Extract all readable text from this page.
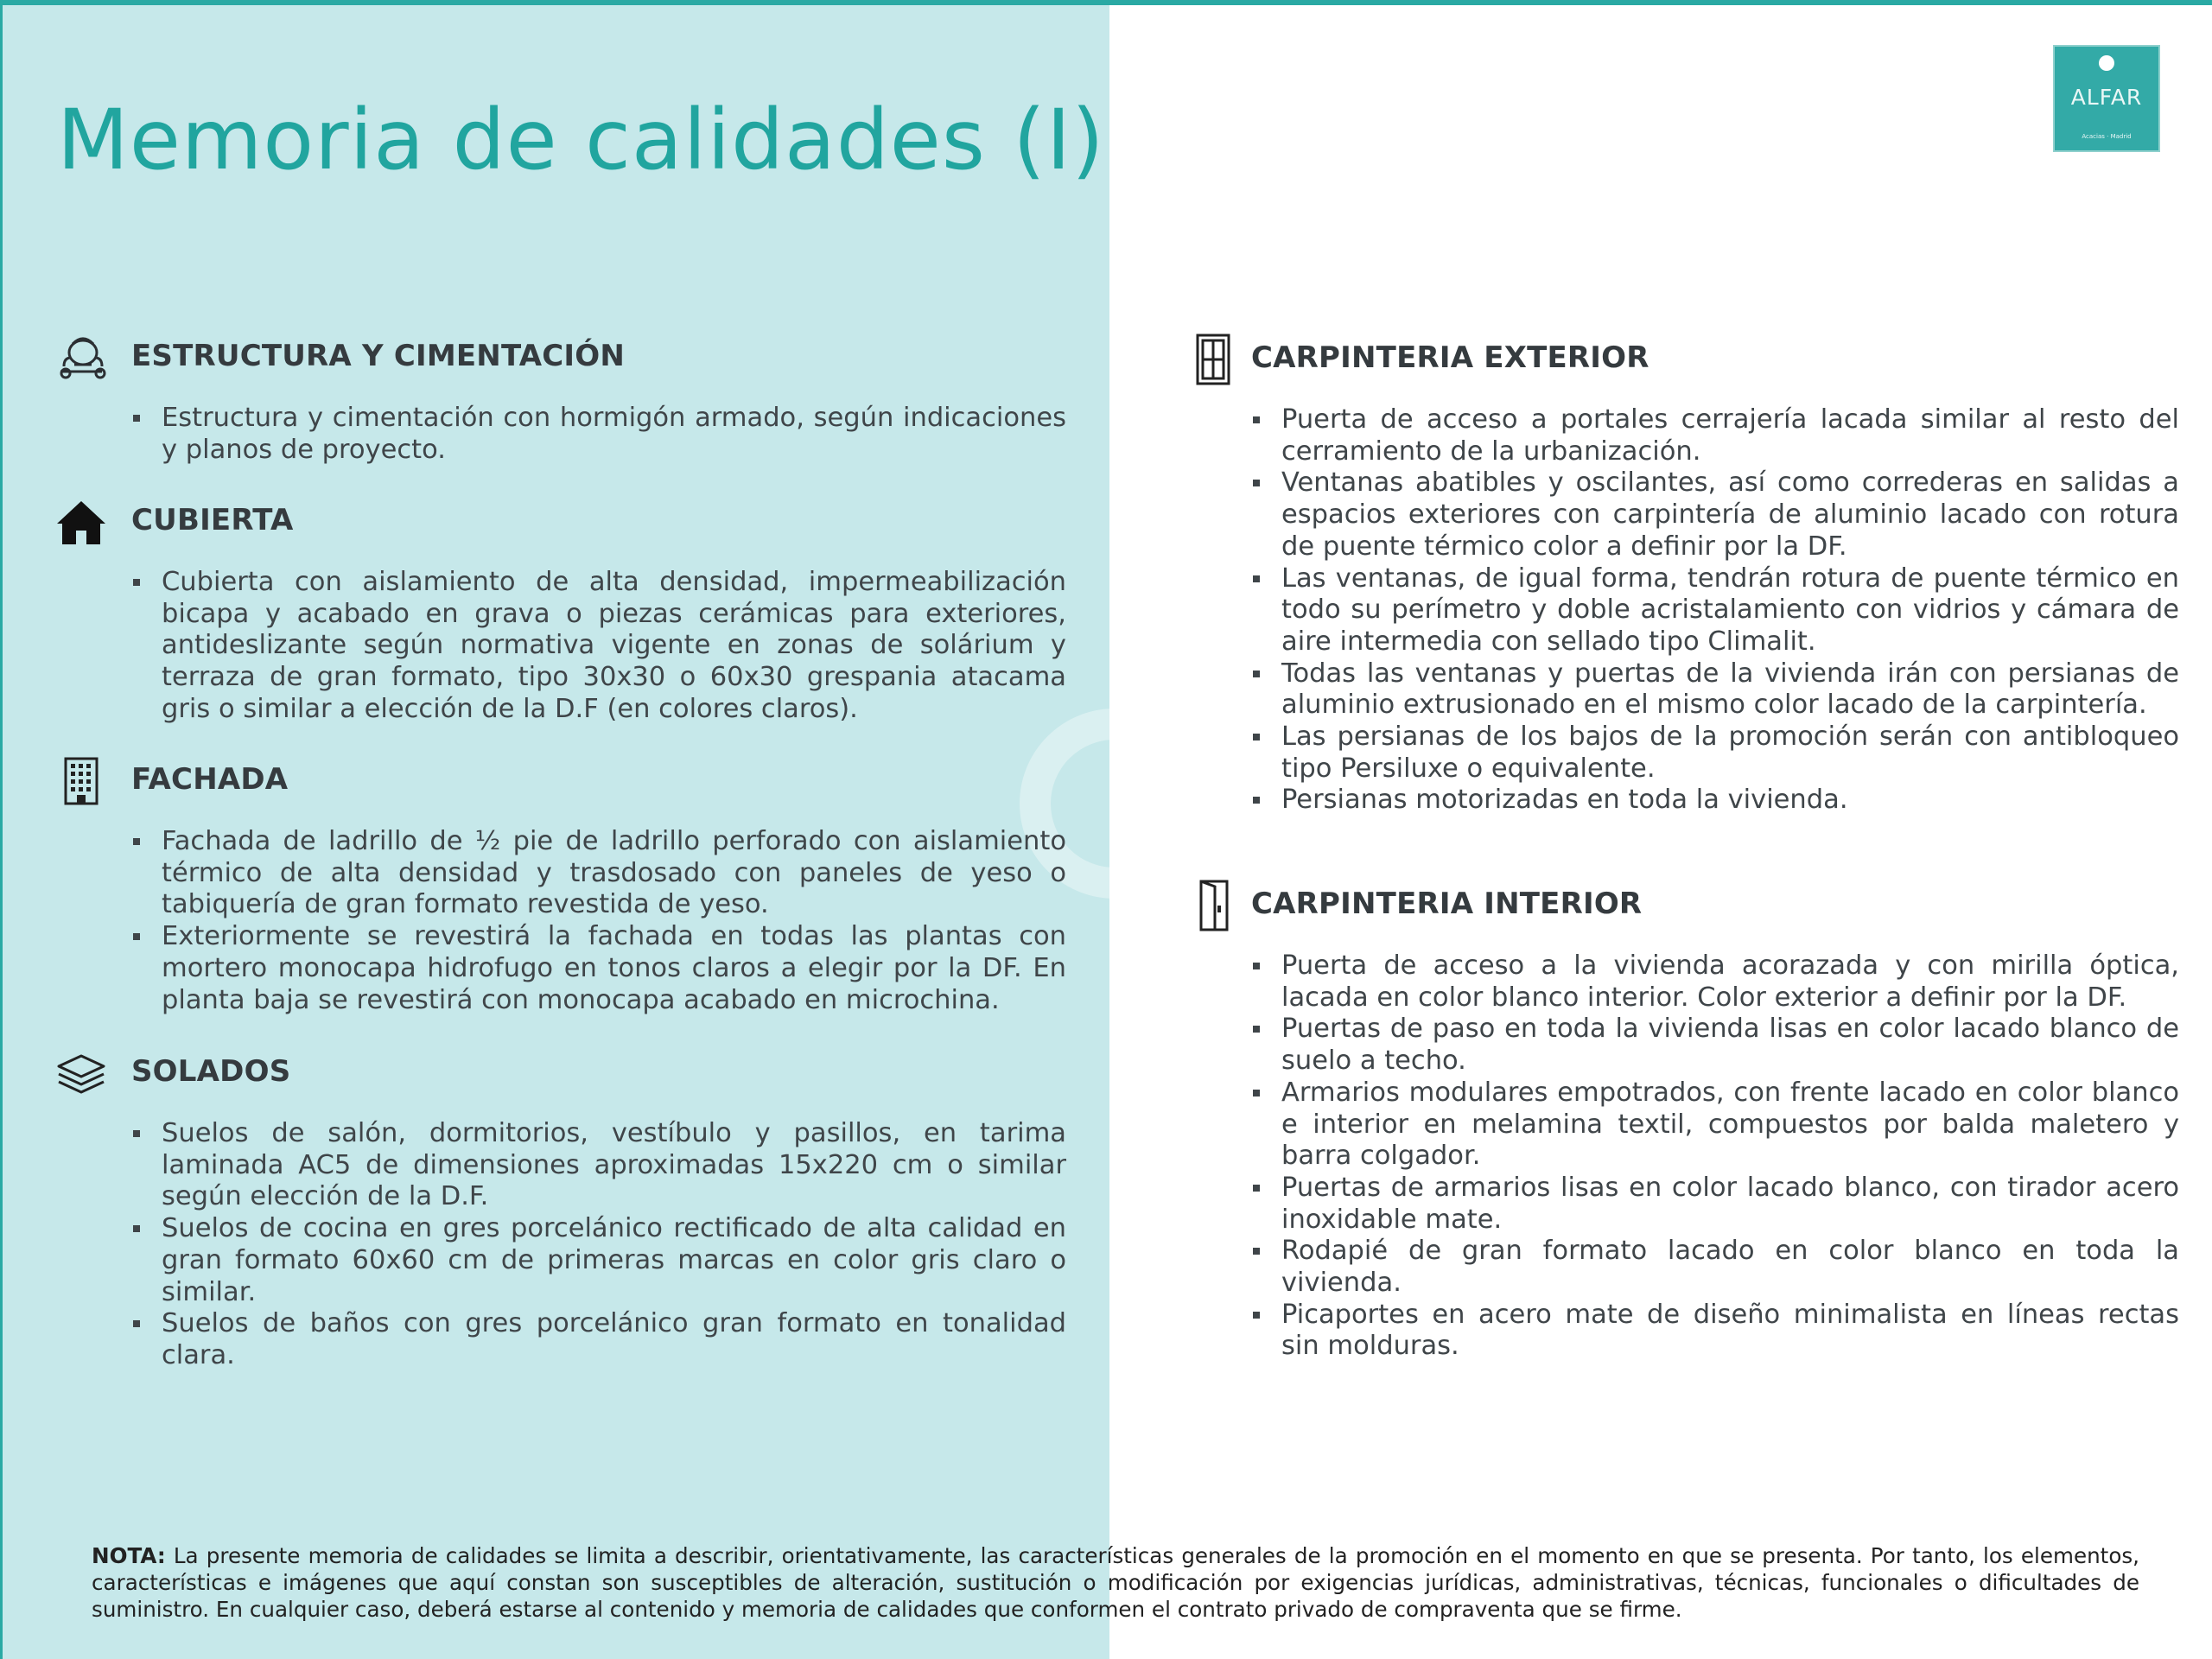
Memoria de calidades (I)	ALFAR
Acacias · Madrid
ESTRUCTURA Y CIMENTACIÓN
Estructura y cimentación con hormigón armado, según indicaciones y planos de proyecto.
CUBIERTA
Cubierta con aislamiento de alta densidad, impermeabilización bicapa y acabado en grava o piezas cerámicas para exteriores, antideslizante según normativa vigente en zonas de solárium y terraza de gran formato, tipo 30x30 o 60x30 grespania atacama gris o similar a elección de la D.F (en colores claros).
FACHADA
Fachada de ladrillo de ½ pie de ladrillo perforado con aislamiento térmico de alta densidad y trasdosado con paneles de yeso o tabiquería de gran formato revestida de yeso.
Exteriormente se revestirá la fachada en todas las plantas con mortero monocapa hidrofugo en tonos claros a elegir por la DF. En planta baja se revestirá con monocapa acabado en microchina.
SOLADOS
Suelos de salón, dormitorios, vestíbulo y pasillos, en tarima laminada AC5 de dimensiones aproximadas 15x220 cm o similar según elección de la D.F.
Suelos de cocina en gres porcelánico rectificado de alta calidad en gran formato 60x60 cm de primeras marcas en color gris claro o similar.
Suelos de baños con gres porcelánico gran formato en tonalidad clara.
CARPINTERIA EXTERIOR
Puerta de acceso a portales cerrajería lacada similar al resto del cerramiento de la urbanización.
Ventanas abatibles y oscilantes, así como correderas en salidas a espacios exteriores con carpintería de aluminio lacado con rotura de puente térmico color a definir por la DF.
Las ventanas, de igual forma, tendrán rotura de puente térmico en todo su perímetro y doble acristalamiento con vidrios y cámara de aire intermedia con sellado tipo Climalit.
Todas las ventanas y puertas de la vivienda irán con persianas de aluminio extrusionado en el mismo color lacado de la carpintería.
Las persianas de los bajos de la promoción serán con antibloqueo tipo Persiluxe o equivalente.
Persianas motorizadas en toda la vivienda.
CARPINTERIA INTERIOR
Puerta de acceso a la vivienda acorazada y con mirilla óptica, lacada en color blanco interior. Color exterior a definir por la DF.
Puertas de paso en toda la vivienda lisas en color lacado blanco de suelo a techo.
Armarios modulares empotrados, con frente lacado en color blanco e interior en melamina textil, compuestos por balda maletero y barra colgador.
Puertas de armarios lisas en color lacado blanco, con tirador acero inoxidable mate.
Rodapié de gran formato lacado en color blanco en toda la vivienda.
Picaportes en acero mate de diseño minimalista en líneas rectas sin molduras.

NOTA: La presente memoria de calidades se limita a describir, orientativamente, las características generales de la promoción en el momento en que se presenta. Por tanto, los elementos, características e imágenes que aquí constan son susceptibles de alteración, sustitución o modificación por exigencias jurídicas, administrativas, técnicas, funcionales o dificultades de suministro. En cualquier caso, deberá estarse al contenido y memoria de calidades que conformen el contrato privado de compraventa que se firme.
